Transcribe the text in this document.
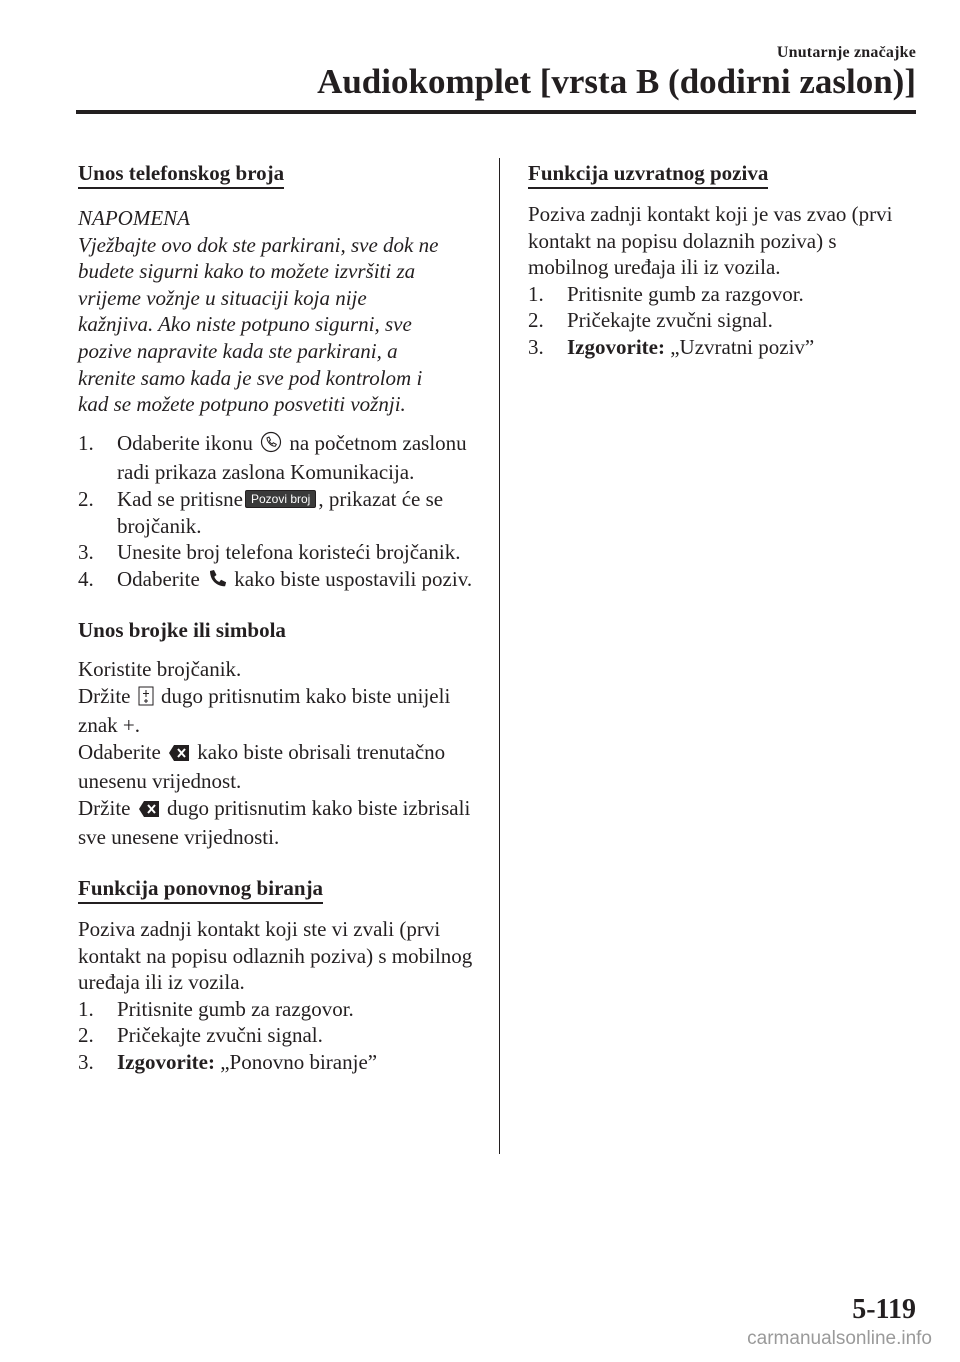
Unutarnje značajke
Audiokomplet [vrsta B (dodirni zaslon)]
Unos telefonskog broja

NAPOMENA

Vježbajte ovo dok ste parkirani, sve dok ne

budete sigurni kako to možete izvršiti za

vrijeme vožnje u situaciji koja nije

kažnjiva. Ako niste potpuno sigurni, sve

pozive napravite kada ste parkirani, a

krenite samo kada je sve pod kontrolom i

kad se možete potpuno posvetiti vožnji.

1. Odaberite ikonu na početnom zaslonu radi prikaza zaslona Komunikacija.
2. Kad se pritisne Pozovi broj , prikazat će se brojčanik.
3. Unesite broj telefona koristeći brojčanik.
4. Odaberite kako biste uspostavili poziv.

Unos brojke ili simbola

Koristite brojčanik.

Držite dugo pritisnutim kako biste unijeli znak +.

Odaberite kako biste obrisali trenutačno unesenu vrijednost.

Držite dugo pritisnutim kako biste izbrisali sve unesene vrijednosti.

Funkcija ponovnog biranja

Poziva zadnji kontakt koji ste vi zvali (prvi kontakt na popisu odlaznih poziva) s mobilnog uređaja ili iz vozila.

1. Pritisnite gumb za razgovor.
2. Pričekajte zvučni signal.
3. Izgovorite: „Ponovno biranje”
Funkcija uzvratnog poziva

Poziva zadnji kontakt koji je vas zvao (prvi kontakt na popisu dolaznih poziva) s mobilnog uređaja ili iz vozila.

1. Pritisnite gumb za razgovor.
2. Pričekajte zvučni signal.
3. Izgovorite: „Uzvratni poziv”
5-119
carmanualsonline.info
